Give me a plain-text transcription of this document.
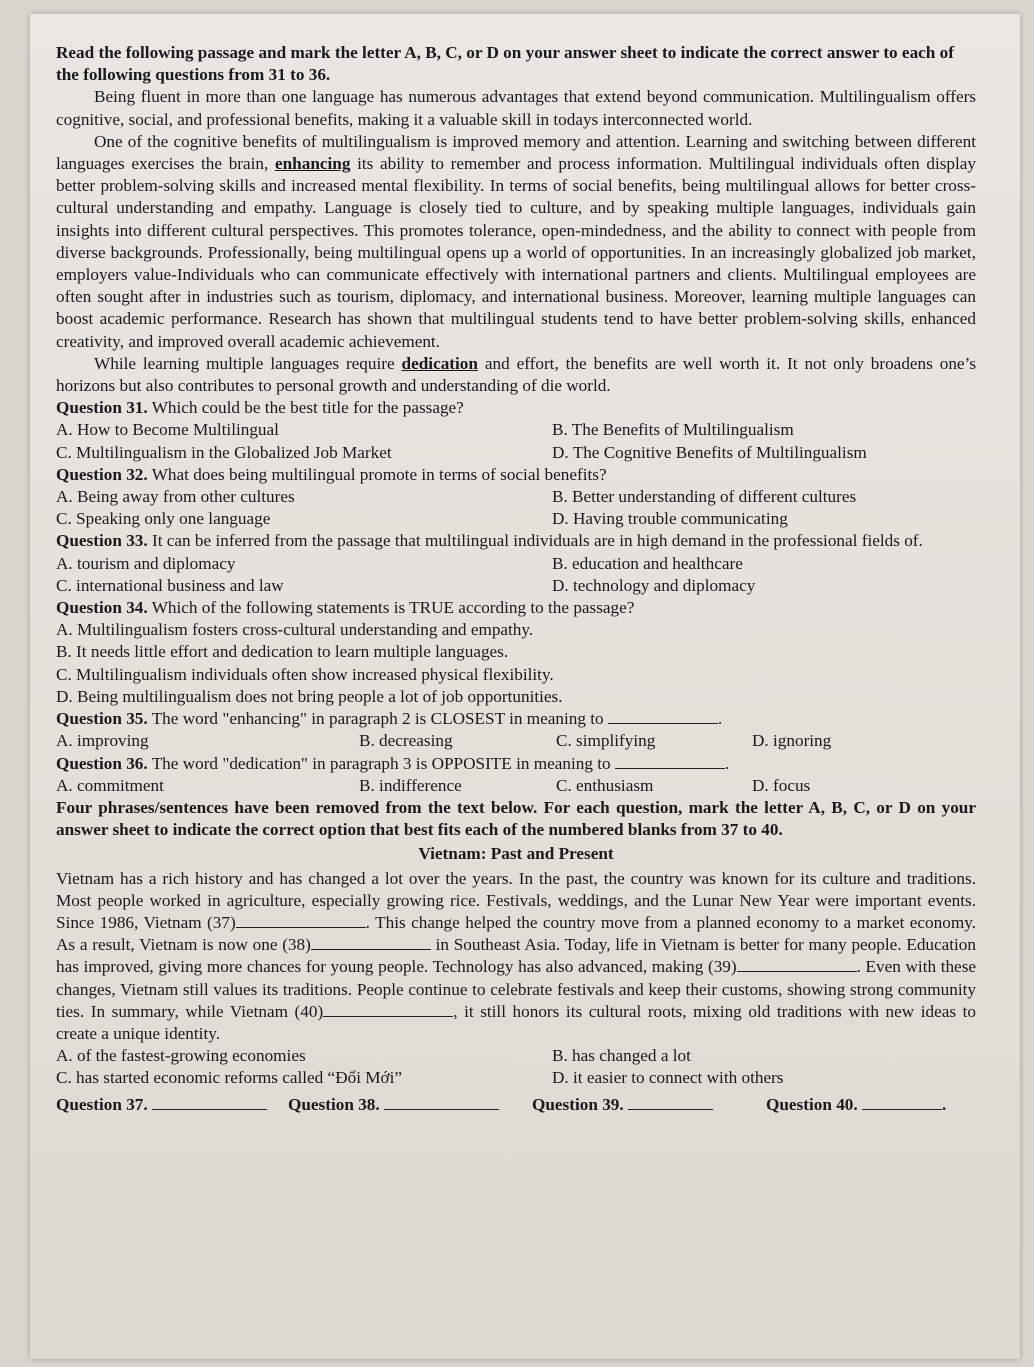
Read the following passage and mark the letter A, B, C, or D on your answer sheet to indicate the correct answer to each of the following questions from 31 to 36.

Being fluent in more than one language has numerous advantages that extend beyond communication. Multilingualism offers cognitive, social, and professional benefits, making it a valuable skill in todays interconnected world.

One of the cognitive benefits of multilingualism is improved memory and attention. Learning and switching between different languages exercises the brain, enhancing its ability to remember and process information. Multilingual individuals often display better problem-solving skills and increased mental flexibility. In terms of social benefits, being multilingual allows for better cross-cultural understanding and empathy. Language is closely tied to culture, and by speaking multiple languages, individuals gain insights into different cultural perspectives. This promotes tolerance, open-mindedness, and the ability to connect with people from diverse backgrounds. Professionally, being multilingual opens up a world of opportunities. In an increasingly globalized job market, employers value-Individuals who can communicate effectively with international partners and clients. Multilingual employees are often sought after in industries such as tourism, diplomacy, and international business. Moreover, learning multiple languages can boost academic performance. Research has shown that multilingual students tend to have better problem-solving skills, enhanced creativity, and improved overall academic achievement.

While learning multiple languages require dedication and effort, the benefits are well worth it. It not only broadens one’s horizons but also contributes to personal growth and understanding of die world.

Question 31. Which could be the best title for the passage?

A. How to Become Multilingual	B. The Benefits of Multilingualism
C. Multilingualism in the Globalized Job Market	D. The Cognitive Benefits of Multilingualism

Question 32. What does being multilingual promote in terms of social benefits?

A. Being away from other cultures	B. Better understanding of different cultures
C. Speaking only one language	D. Having trouble communicating

Question 33. It can be inferred from the passage that multilingual individuals are in high demand in the professional fields of.

A. tourism and diplomacy	B. education and healthcare
C. international business and law	D. technology and diplomacy

Question 34. Which of the following statements is TRUE according to the passage?

A. Multilingualism fosters cross-cultural understanding and empathy.

B. It needs little effort and dedication to learn multiple languages.

C. Multilingualism individuals often show increased physical flexibility.

D. Being multilingualism does not bring people a lot of job opportunities.

Question 35. The word "enhancing" in paragraph 2 is CLOSEST in meaning to	.

A. improving	B. decreasing	C. simplifying	D. ignoring

Question 36. The word "dedication" in paragraph 3 is OPPOSITE in meaning to	.

A. commitment	B. indifference	C. enthusiasm	D. focus

Four phrases/sentences have been removed from the text below. For each question, mark the letter A, B, C, or D on your answer sheet to indicate the correct option that best fits each of the numbered blanks from 37 to 40.

Vietnam: Past and Present

Vietnam has a rich history and has changed a lot over the years. In the past, the country was known for its culture and traditions. Most people worked in agriculture, especially growing rice. Festivals, weddings, and the Lunar New Year were important events. Since 1986, Vietnam (37)	. This change helped the country move from a planned economy to a market economy. As a result, Vietnam is now one (38)	in Southeast Asia. Today, life in Vietnam is better for many people. Education has improved, giving more chances for young people. Technology has also advanced, making (39)	. Even with these changes, Vietnam still values its traditions. People continue to celebrate festivals and keep their customs, showing strong community ties. In summary, while Vietnam (40)	, it still honors its cultural roots, mixing old traditions with new ideas to create a unique identity.

A. of the fastest-growing economies	B. has changed a lot
C. has started economic reforms called “Đổi Mới”	D. it easier to connect with others
Question 37.	Question 38.	Question 39.	Question 40.	.
